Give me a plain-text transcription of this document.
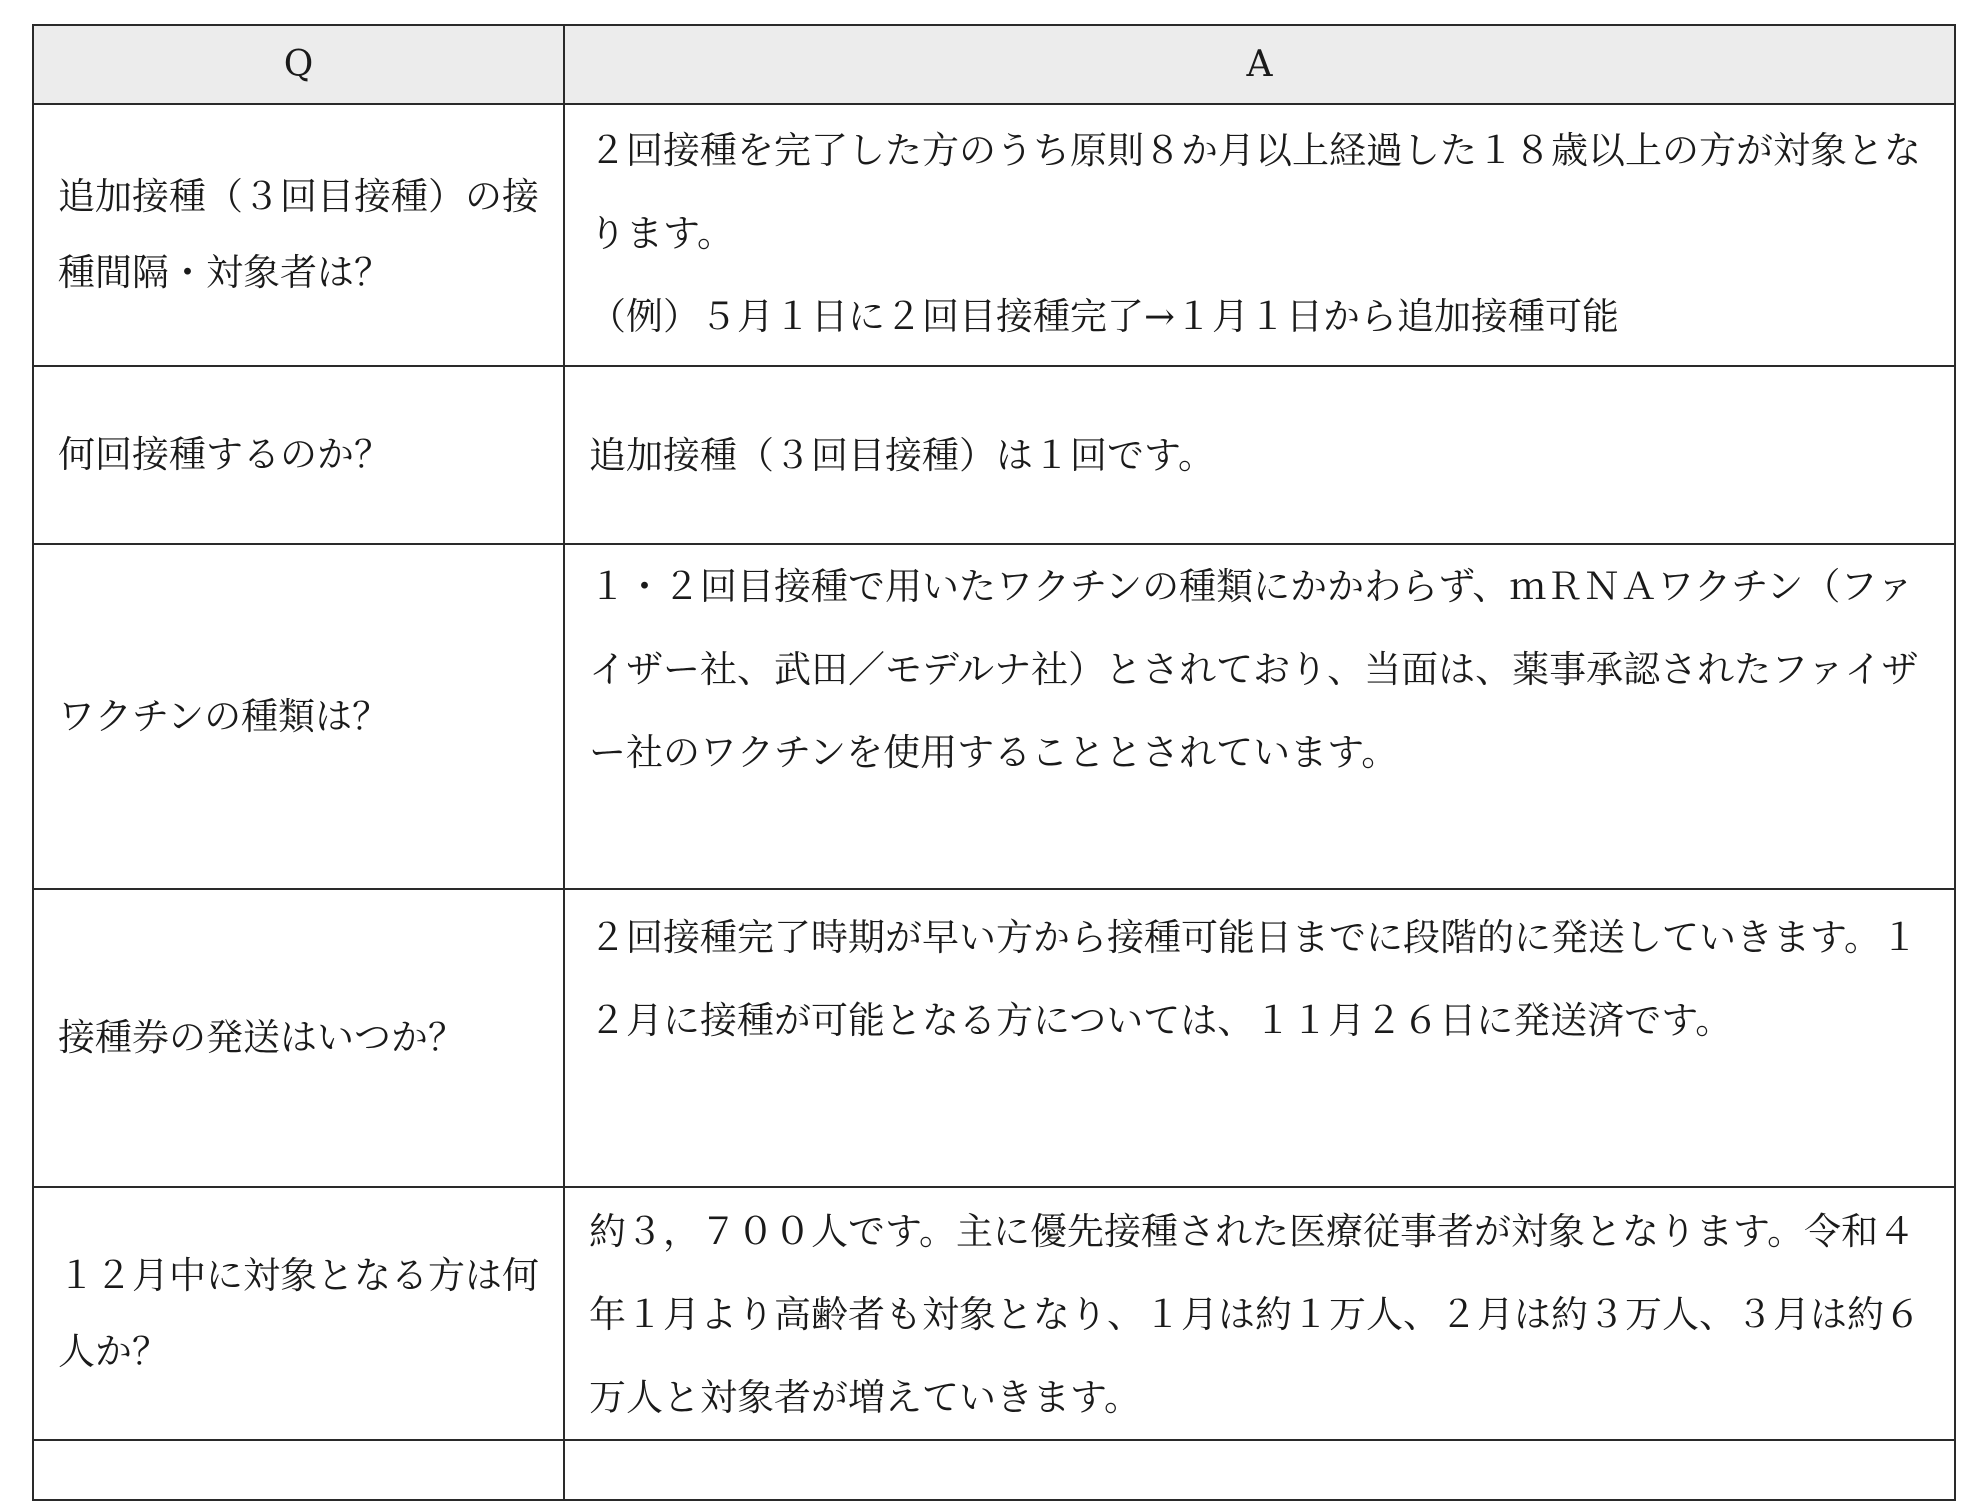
Q	A
追加接種（３回目接種）の接種間隔・対象者は？	２回接種を完了した方のうち原則８か月以上経過した１８歳以上の方が対象となります。
（例）５月１日に２回目接種完了→１月１日から追加接種可能

何回接種するのか？	追加接種（３回目接種）は１回です。

ワクチンの種類は？	１・２回目接種で用いたワクチンの種類にかかわらず、ｍＲＮＡワクチン（ファイザー社、武田／モデルナ社）とされており、当面は、薬事承認されたファイザー社のワクチンを使用することとされています。

接種券の発送はいつか？	２回接種完了時期が早い方から接種可能日までに段階的に発送していきます。１２月に接種が可能となる方については、１１月２６日に発送済です。

１２月中に対象となる方は何人か？	約３，７００人です。主に優先接種された医療従事者が対象となります。令和４年１月より高齢者も対象となり、１月は約１万人、２月は約３万人、３月は約６万人と対象者が増えていきます。
